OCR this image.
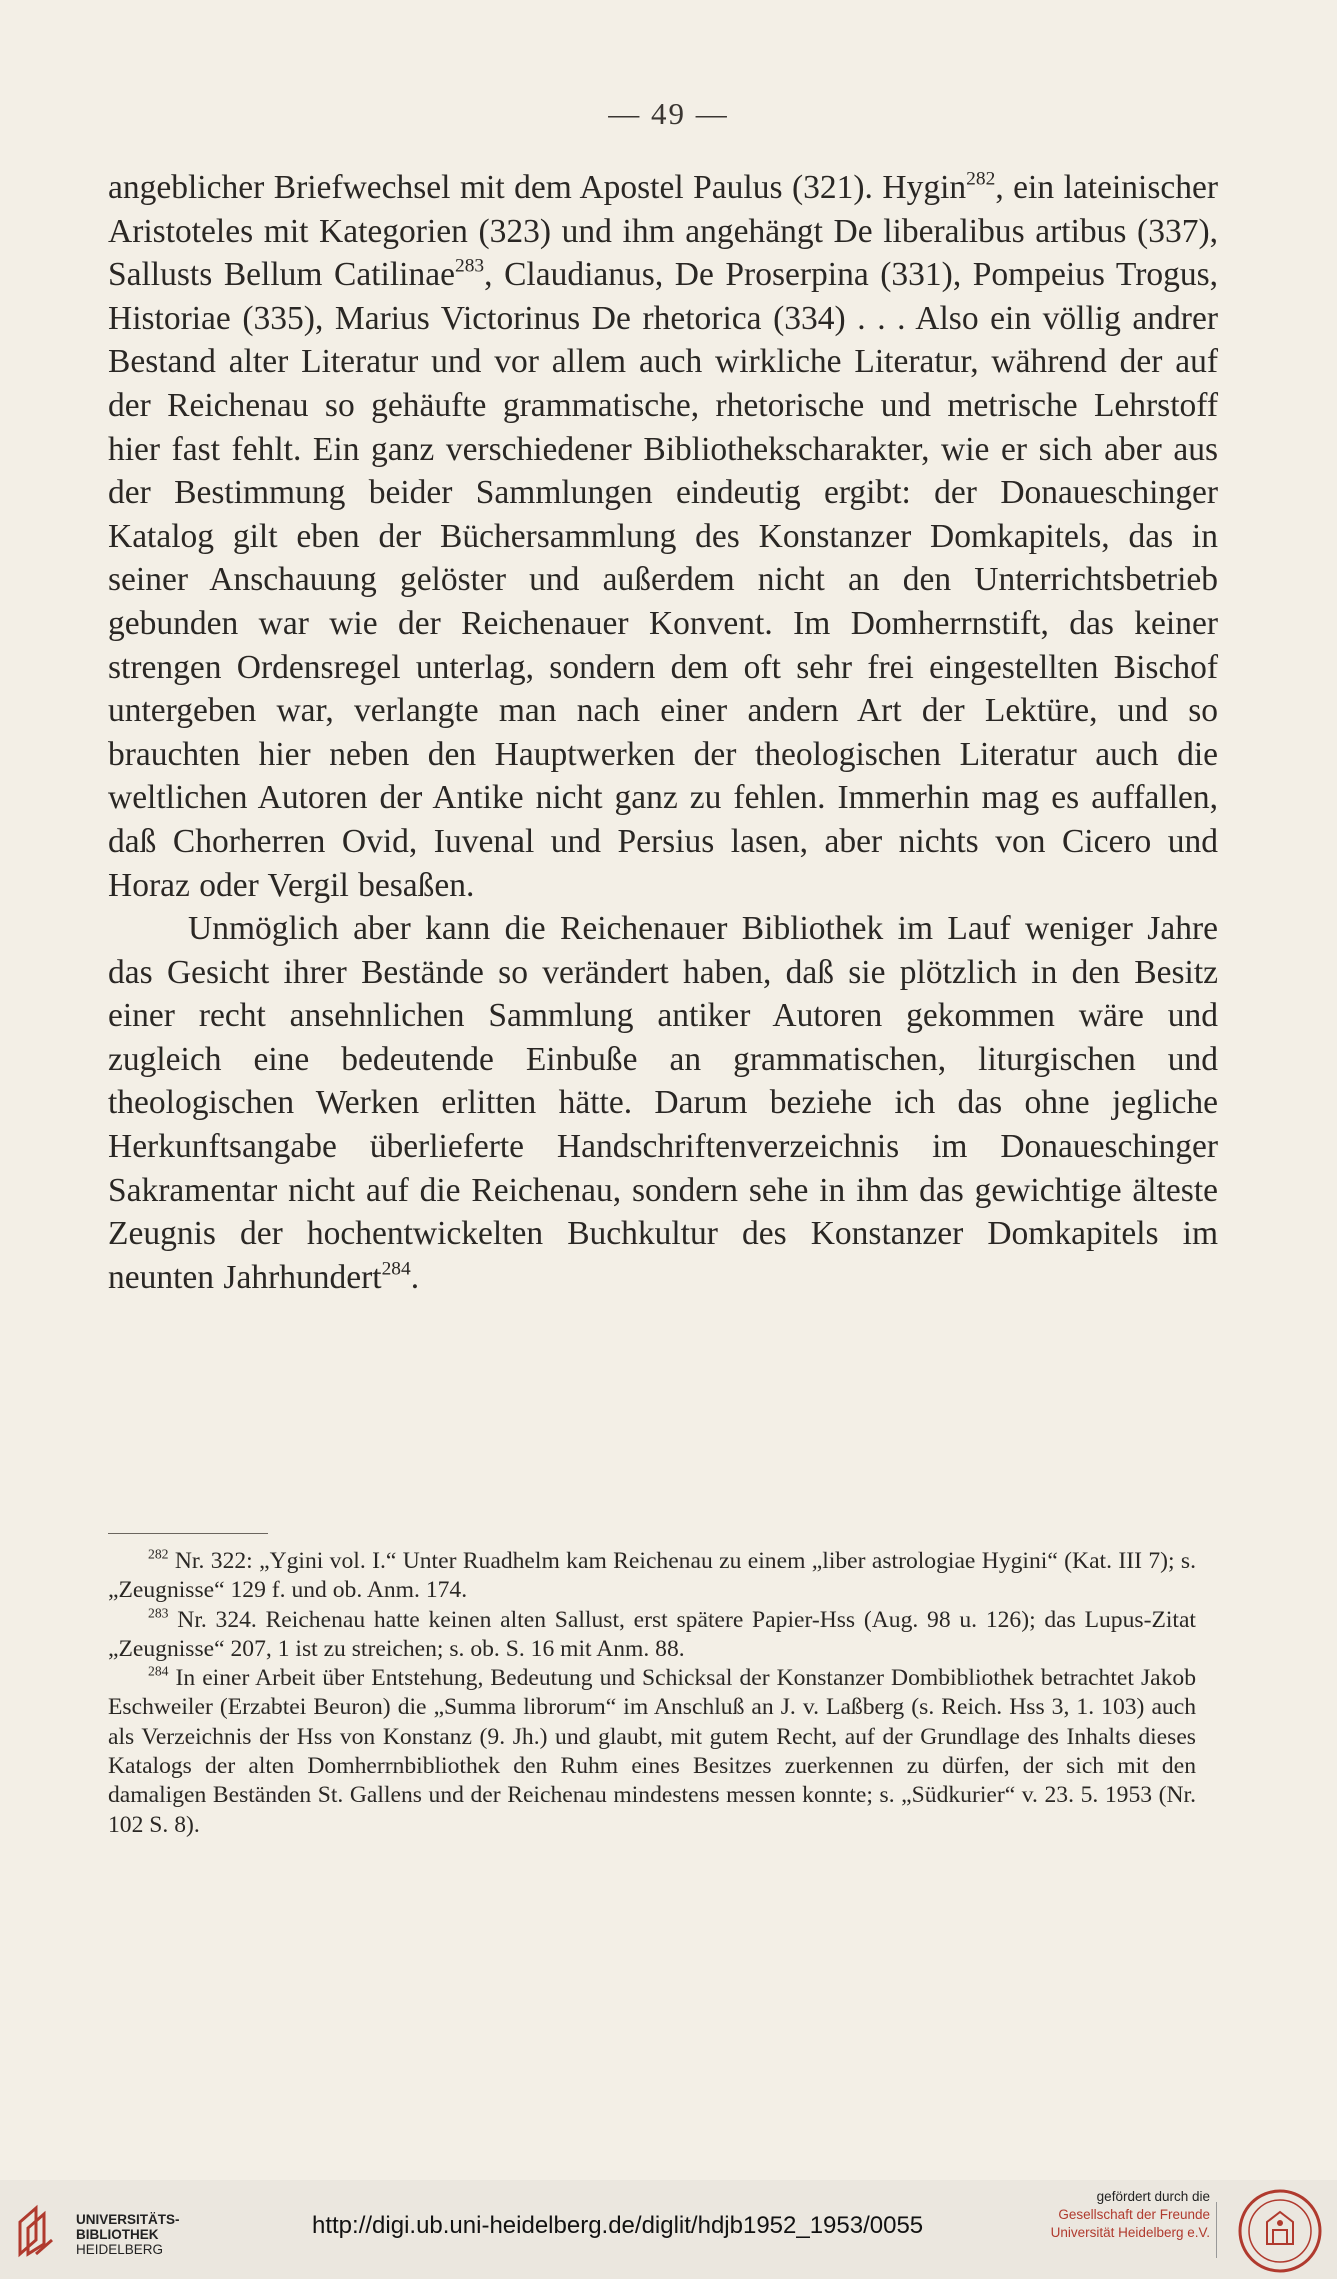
— 49 —

angeblicher Briefwechsel mit dem Apostel Paulus (321). Hygin$^{282}$, ein lateinischer Aristoteles mit Kategorien (323) und ihm angehängt De liberalibus artibus (337), Sallusts Bellum Catilinae$^{283}$, Claudianus, De Proserpina (331), Pompeius Trogus, Historiae (335), Marius Victorinus De rhetorica (334) . . . Also ein völlig andrer Bestand alter Literatur und vor allem auch wirkliche Literatur, während der auf der Reichenau so gehäufte grammatische, rhetorische und metrische Lehrstoff hier fast fehlt. Ein ganz verschiedener Bibliothekscharakter, wie er sich aber aus der Bestimmung beider Sammlungen eindeutig ergibt: der Donaueschinger Katalog gilt eben der Büchersammlung des Konstanzer Domkapitels, das in seiner Anschauung gelöster und außerdem nicht an den Unterrichtsbetrieb gebunden war wie der Reichenauer Konvent. Im Domherrnstift, das keiner strengen Ordensregel unterlag, sondern dem oft sehr frei eingestellten Bischof untergeben war, verlangte man nach einer andern Art der Lektüre, und so brauchten hier neben den Hauptwerken der theologischen Literatur auch die weltlichen Autoren der Antike nicht ganz zu fehlen. Immerhin mag es auffallen, daß Chorherren Ovid, Iuvenal und Persius lasen, aber nichts von Cicero und Horaz oder Vergil besaßen.

Unmöglich aber kann die Reichenauer Bibliothek im Lauf weniger Jahre das Gesicht ihrer Bestände so verändert haben, daß sie plötzlich in den Besitz einer recht ansehnlichen Sammlung antiker Autoren gekommen wäre und zugleich eine bedeutende Einbuße an grammatischen, liturgischen und theologischen Werken erlitten hätte. Darum beziehe ich das ohne jegliche Herkunftsangabe überlieferte Handschriftenverzeichnis im Donaueschinger Sakramentar nicht auf die Reichenau, sondern sehe in ihm das gewichtige älteste Zeugnis der hochentwickelten Buchkultur des Konstanzer Domkapitels im neunten Jahrhundert$^{284}$.

$^{282}$ Nr. 322: „Ygini vol. I.“ Unter Ruadhelm kam Reichenau zu einem „liber astrologiae Hygini“ (Kat. III 7); s. „Zeugnisse“ 129 f. und ob. Anm. 174.

$^{283}$ Nr. 324. Reichenau hatte keinen alten Sallust, erst spätere Papier-Hss (Aug. 98 u. 126); das Lupus-Zitat „Zeugnisse“ 207, 1 ist zu streichen; s. ob. S. 16 mit Anm. 88.

$^{284}$ In einer Arbeit über Entstehung, Bedeutung und Schicksal der Konstanzer Dombibliothek betrachtet Jakob Eschweiler (Erzabtei Beuron) die „Summa librorum“ im Anschluß an J. v. Laßberg (s. Reich. Hss 3, 1. 103) auch als Verzeichnis der Hss von Konstanz (9. Jh.) und glaubt, mit gutem Recht, auf der Grundlage des Inhalts dieses Katalogs der alten Domherrnbibliothek den Ruhm eines Besitzes zuerkennen zu dürfen, der sich mit den damaligen Beständen St. Gallens und der Reichenau mindestens messen konnte; s. „Südkurier“ v. 23. 5. 1953 (Nr. 102 S. 8).

UNIVERSITÄTS-
BIBLIOTHEK
HEIDELBERG
http://digi.ub.uni-heidelberg.de/diglit/hdjb1952_1953/0055
gefördert durch die
Gesellschaft der Freunde
Universität Heidelberg e.V.
